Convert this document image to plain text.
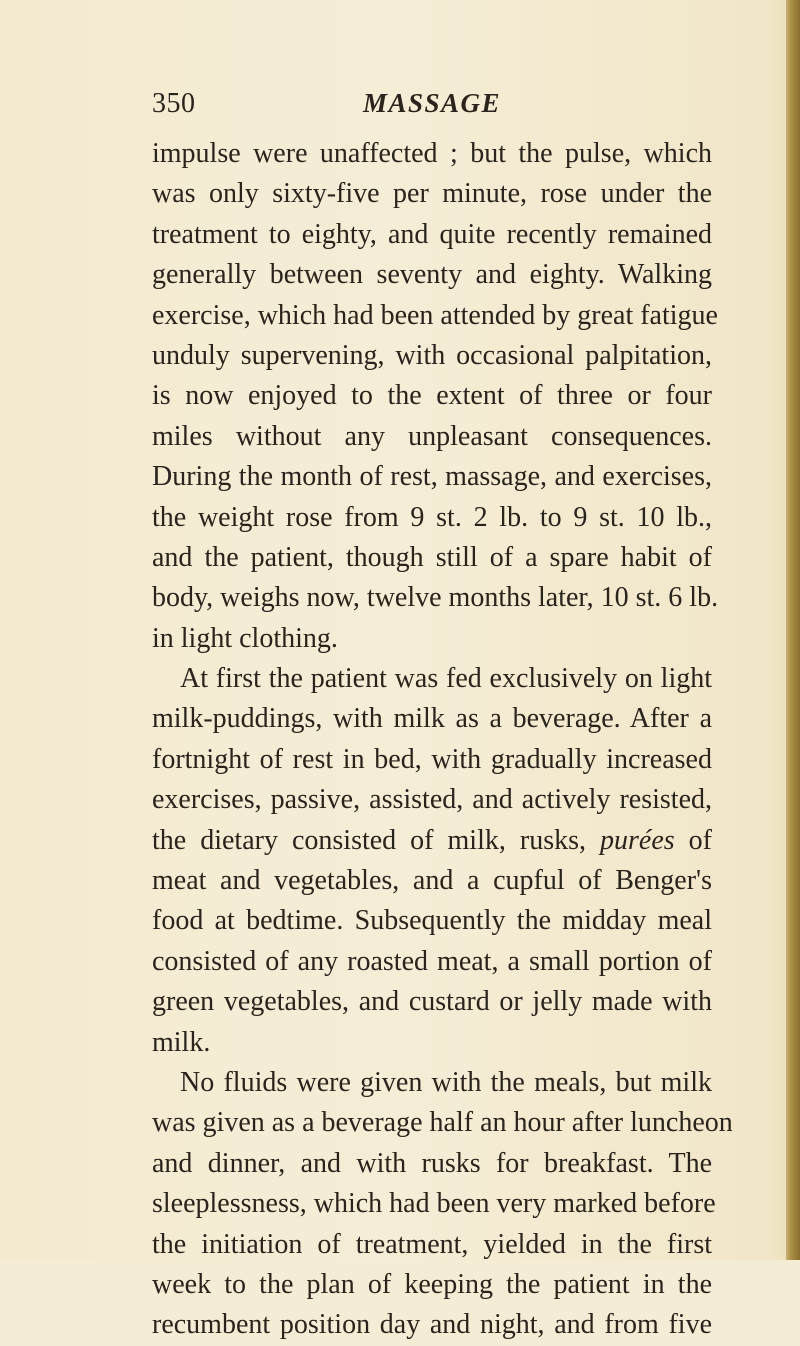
350	MASSAGE
impulse were unaffected ; but the pulse, which
was only sixty-five per minute, rose under the
treatment to eighty, and quite recently remained
generally between seventy and eighty. Walking
exercise, which had been attended by great fatigue
unduly supervening, with occasional palpitation,
is now enjoyed to the extent of three or four
miles without any unpleasant consequences.
During the month of rest, massage, and exercises,
the weight rose from 9 st. 2 lb. to 9 st. 10 lb.,
and the patient, though still of a spare habit of
body, weighs now, twelve months later, 10 st. 6 lb.
in light clothing.
At first the patient was fed exclusively on light
milk-puddings, with milk as a beverage. After a
fortnight of rest in bed, with gradually increased
exercises, passive, assisted, and actively resisted,
the dietary consisted of milk, rusks, purées of
meat and vegetables, and a cupful of Benger's
food at bedtime. Subsequently the midday meal
consisted of any roasted meat, a small portion of
green vegetables, and custard or jelly made with
milk.
No fluids were given with the meals, but milk
was given as a beverage half an hour after luncheon
and dinner, and with rusks for breakfast. The
sleeplessness, which had been very marked before
the initiation of treatment, yielded in the first
week to the plan of keeping the patient in the
recumbent position day and night, and from five
